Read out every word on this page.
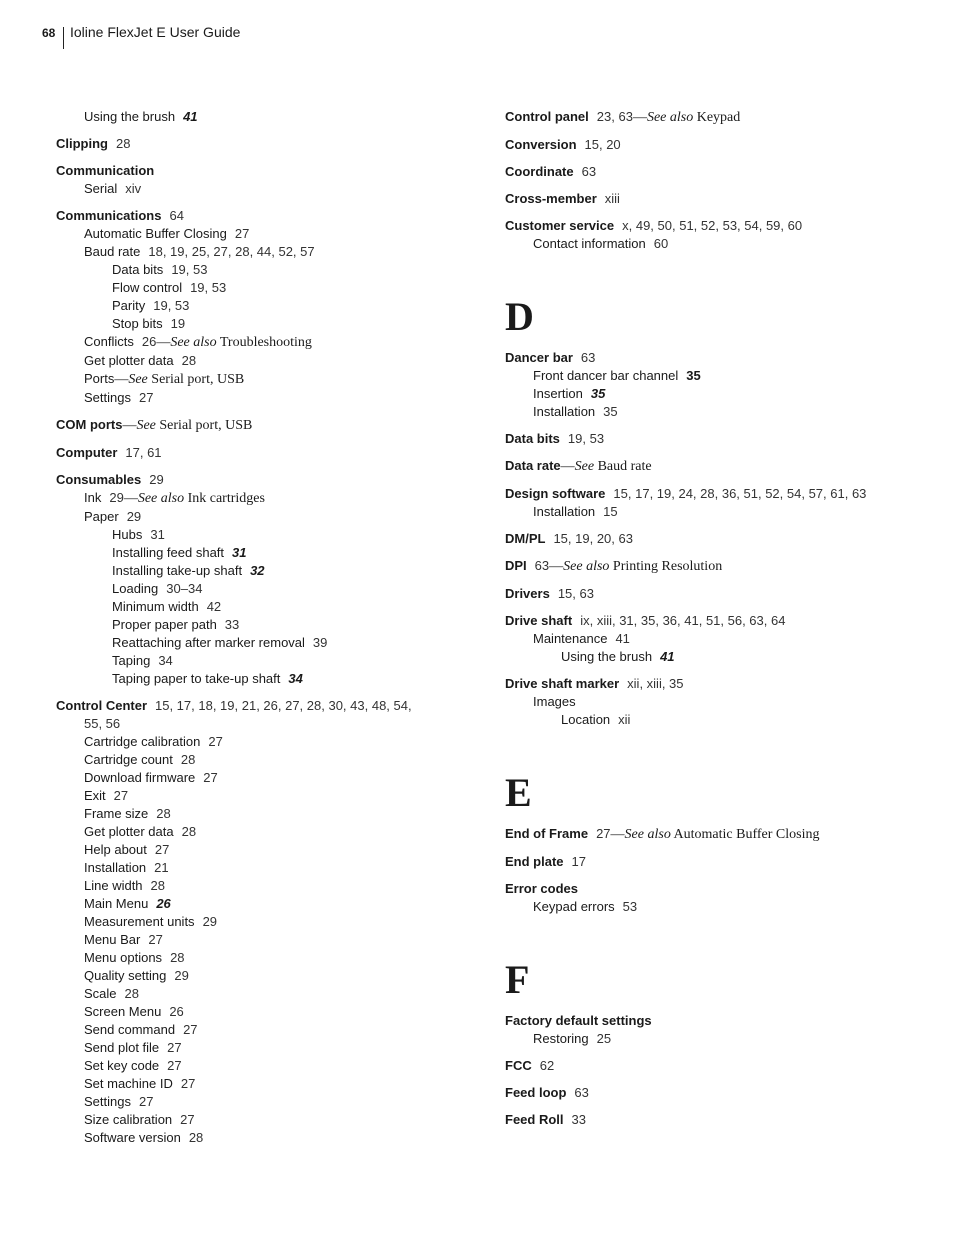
68 Ioline FlexJet E User Guide
Using the brush 41
Clipping 28
Communication
Serial xiv
Communications 64
Automatic Buffer Closing 27
Baud rate 18, 19, 25, 27, 28, 44, 52, 57
Data bits 19, 53
Flow control 19, 53
Parity 19, 53
Stop bits 19
Conflicts 26—See also Troubleshooting
Get plotter data 28
Ports—See Serial port, USB
Settings 27
COM ports—See Serial port, USB
Computer 17, 61
Consumables 29
Ink 29—See also Ink cartridges
Paper 29
Hubs 31
Installing feed shaft 31
Installing take-up shaft 32
Loading 30–34
Minimum width 42
Proper paper path 33
Reattaching after marker removal 39
Taping 34
Taping paper to take-up shaft 34
Control Center 15, 17, 18, 19, 21, 26, 27, 28, 30, 43, 48, 54,
55, 56
Cartridge calibration 27
Cartridge count 28
Download firmware 27
Exit 27
Frame size 28
Get plotter data 28
Help about 27
Installation 21
Line width 28
Main Menu 26
Measurement units 29
Menu Bar 27
Menu options 28
Quality setting 29
Scale 28
Screen Menu 26
Send command 27
Send plot file 27
Set key code 27
Set machine ID 27
Settings 27
Size calibration 27
Software version 28
Control panel 23, 63—See also Keypad
Conversion 15, 20
Coordinate 63
Cross-member xiii
Customer service x, 49, 50, 51, 52, 53, 54, 59, 60
Contact information 60
D
Dancer bar 63
Front dancer bar channel 35
Insertion 35
Installation 35
Data bits 19, 53
Data rate—See Baud rate
Design software 15, 17, 19, 24, 28, 36, 51, 52, 54, 57, 61, 63
Installation 15
DM/PL 15, 19, 20, 63
DPI 63—See also Printing Resolution
Drivers 15, 63
Drive shaft ix, xiii, 31, 35, 36, 41, 51, 56, 63, 64
Maintenance 41
Using the brush 41
Drive shaft marker xii, xiii, 35
Images
Location xii
E
End of Frame 27—See also Automatic Buffer Closing
End plate 17
Error codes
Keypad errors 53
F
Factory default settings
Restoring 25
FCC 62
Feed loop 63
Feed Roll 33
